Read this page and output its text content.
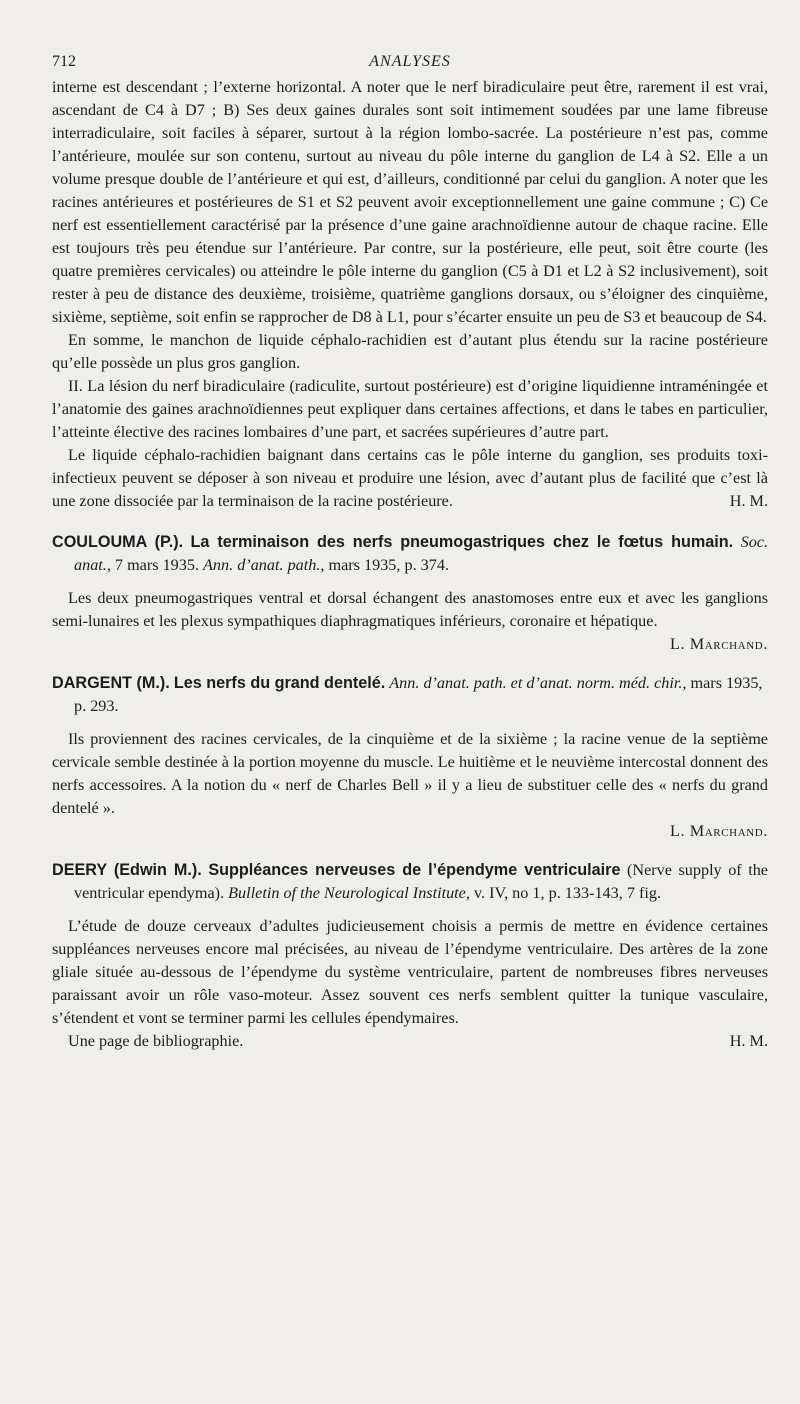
712	ANALYSES

interne est descendant ; l’externe horizontal. A noter que le nerf biradiculaire peut être, rarement il est vrai, ascendant de C4 à D7 ; B) Ses deux gaines durales sont soit intimement soudées par une lame fibreuse interradiculaire, soit faciles à séparer, surtout à la région lombo-sacrée. La postérieure n’est pas, comme l’antérieure, moulée sur son contenu, surtout au niveau du pôle interne du ganglion de L4 à S2. Elle a un volume presque double de l’antérieure et qui est, d’ailleurs, conditionné par celui du ganglion. A noter que les racines antérieures et postérieures de S1 et S2 peuvent avoir exceptionnellement une gaine commune ; C) Ce nerf est essentiellement caractérisé par la présence d’une gaine arachnoïdienne autour de chaque racine. Elle est toujours très peu étendue sur l’antérieure. Par contre, sur la postérieure, elle peut, soit être courte (les quatre premières cervicales) ou atteindre le pôle interne du ganglion (C5 à D1 et L2 à S2 inclusivement), soit rester à peu de distance des deuxième, troisième, quatrième ganglions dorsaux, ou s’éloigner des cinquième, sixième, septième, soit enfin se rapprocher de D8 à L1, pour s’écarter ensuite un peu de S3 et beaucoup de S4.

En somme, le manchon de liquide céphalo-rachidien est d’autant plus étendu sur la racine postérieure qu’elle possède un plus gros ganglion.

II. La lésion du nerf biradiculaire (radiculite, surtout postérieure) est d’origine liquidienne intraméningée et l’anatomie des gaines arachnoïdiennes peut expliquer dans certaines affections, et dans le tabes en particulier, l’atteinte élective des racines lombaires d’une part, et sacrées supérieures d’autre part.

Le liquide céphalo-rachidien baignant dans certains cas le pôle interne du ganglion, ses produits toxi-infectieux peuvent se déposer à son niveau et produire une lésion, avec d’autant plus de facilité que c’est là une zone dissociée par la terminaison de la racine postérieure.	H. M.

COULOUMA (P.). La terminaison des nerfs pneumogastriques chez le fœtus humain. Soc. anat., 7 mars 1935. Ann. d’anat. path., mars 1935, p. 374.

Les deux pneumogastriques ventral et dorsal échangent des anastomoses entre eux et avec les ganglions semi-lunaires et les plexus sympathiques diaphragmatiques inférieurs, coronaire et hépatique.
L. Marchand.

DARGENT (M.). Les nerfs du grand dentelé. Ann. d’anat. path. et d’anat. norm. méd. chir., mars 1935, p. 293.

Ils proviennent des racines cervicales, de la cinquième et de la sixième ; la racine venue de la septième cervicale semble destinée à la portion moyenne du muscle. Le huitième et le neuvième intercostal donnent des nerfs accessoires. A la notion du « nerf de Charles Bell » il y a lieu de substituer celle des « nerfs du grand dentelé ».

L. Marchand.

DEERY (Edwin M.). Suppléances nerveuses de l’épendyme ventriculaire (Nerve supply of the ventricular ependyma). Bulletin of the Neurological Institute, v. IV, no 1, p. 133-143, 7 fig.

L’étude de douze cerveaux d’adultes judicieusement choisis a permis de mettre en évidence certaines suppléances nerveuses encore mal précisées, au niveau de l’épendyme ventriculaire. Des artères de la zone gliale située au-dessous de l’épendyme du système ventriculaire, partent de nombreuses fibres nerveuses paraissant avoir un rôle vaso-moteur. Assez souvent ces nerfs semblent quitter la tunique vasculaire, s’étendent et vont se terminer parmi les cellules épendymaires.

Une page de bibliographie.	H. M.
